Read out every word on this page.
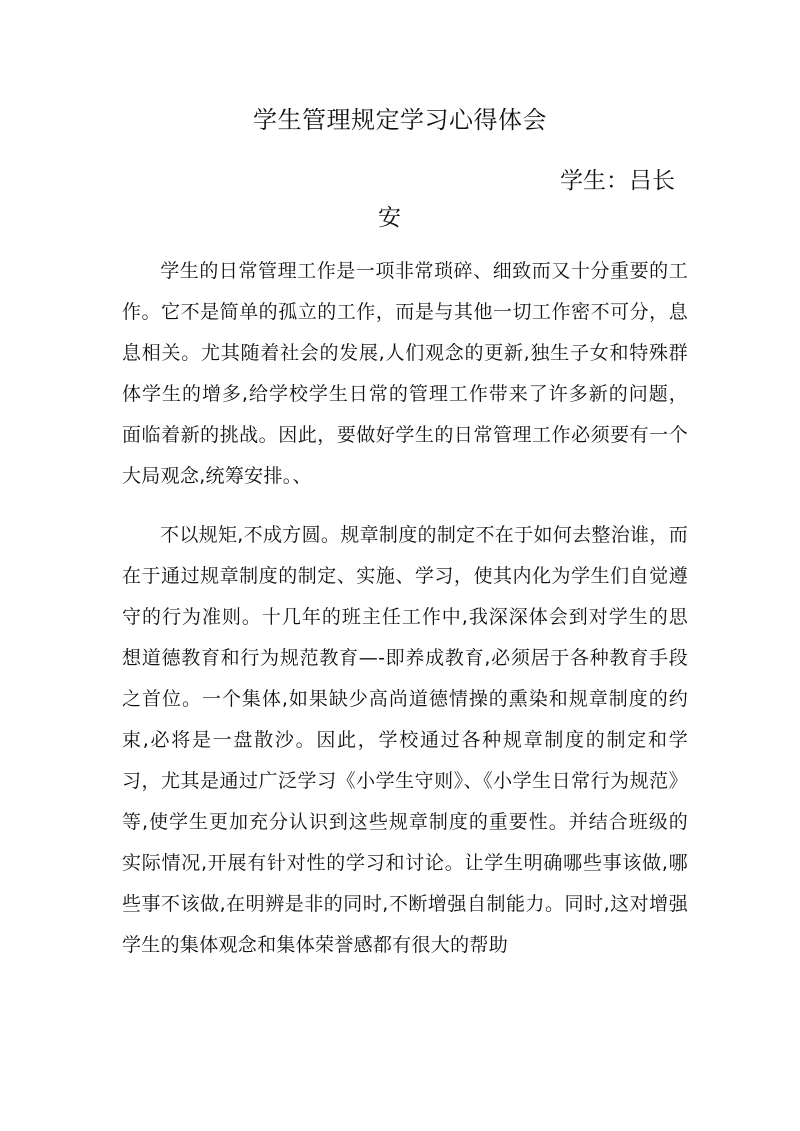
学生管理规定学习心得体会
学生：吕长
安

学生的日常管理工作是一项非常琐碎、细致而又十分重要的工作。它不是简单的孤立的工作，而是与其他一切工作密不可分，息息相关。尤其随着社会的发展,人们观念的更新,独生子女和特殊群体学生的增多,给学校学生日常的管理工作带来了许多新的问题，面临着新的挑战。因此，要做好学生的日常管理工作必须要有一个大局观念,统筹安排。、

不以规矩,不成方圆。规章制度的制定不在于如何去整治谁，而在于通过规章制度的制定、实施、学习，使其内化为学生们自觉遵守的行为准则。十几年的班主任工作中,我深深体会到对学生的思想道德教育和行为规范教育—-即养成教育,必须居于各种教育手段之首位。一个集体,如果缺少高尚道德情操的熏染和规章制度的约束,必将是一盘散沙。因此，学校通过各种规章制度的制定和学习，尤其是通过广泛学习《小学生守则》、《小学生日常行为规范》等,使学生更加充分认识到这些规章制度的重要性。并结合班级的实际情况,开展有针对性的学习和讨论。让学生明确哪些事该做,哪些事不该做,在明辨是非的同时,不断增强自制能力。同时,这对增强学生的集体观念和集体荣誉感都有很大的帮助
